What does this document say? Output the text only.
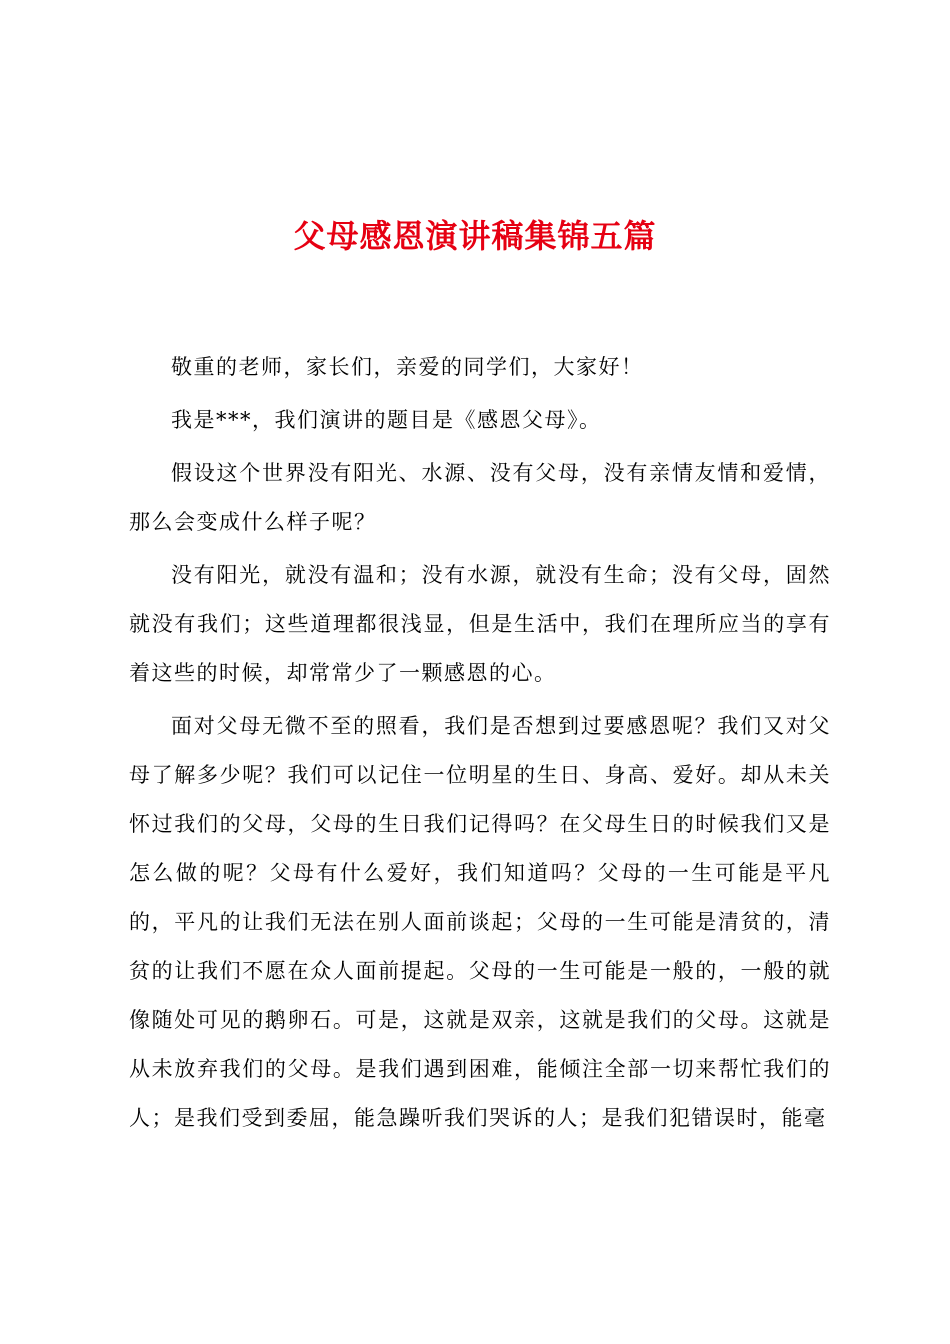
父母感恩演讲稿集锦五篇

敬重的老师，家长们，亲爱的同学们，大家好！

我是***，我们演讲的题目是《感恩父母》。

假设这个世界没有阳光、水源、没有父母，没有亲情友情和爱情，那么会变成什么样子呢？

没有阳光，就没有温和；没有水源，就没有生命；没有父母，固然就没有我们；这些道理都很浅显，但是生活中，我们在理所应当的享有着这些的时候，却常常少了一颗感恩的心。

面对父母无微不至的照看，我们是否想到过要感恩呢？我们又对父母了解多少呢？我们可以记住一位明星的生日、身高、爱好。却从未关怀过我们的父母，父母的生日我们记得吗？在父母生日的时候我们又是怎么做的呢？父母有什么爱好，我们知道吗？父母的一生可能是平凡的，平凡的让我们无法在别人面前谈起；父母的一生可能是清贫的，清贫的让我们不愿在众人面前提起。父母的一生可能是一般的，一般的就像随处可见的鹅卵石。可是，这就是双亲，这就是我们的父母。这就是从未放弃我们的父母。是我们遇到困难，能倾注全部一切来帮忙我们的人；是我们受到委屈，能急躁听我们哭诉的人；是我们犯错误时，能毫
